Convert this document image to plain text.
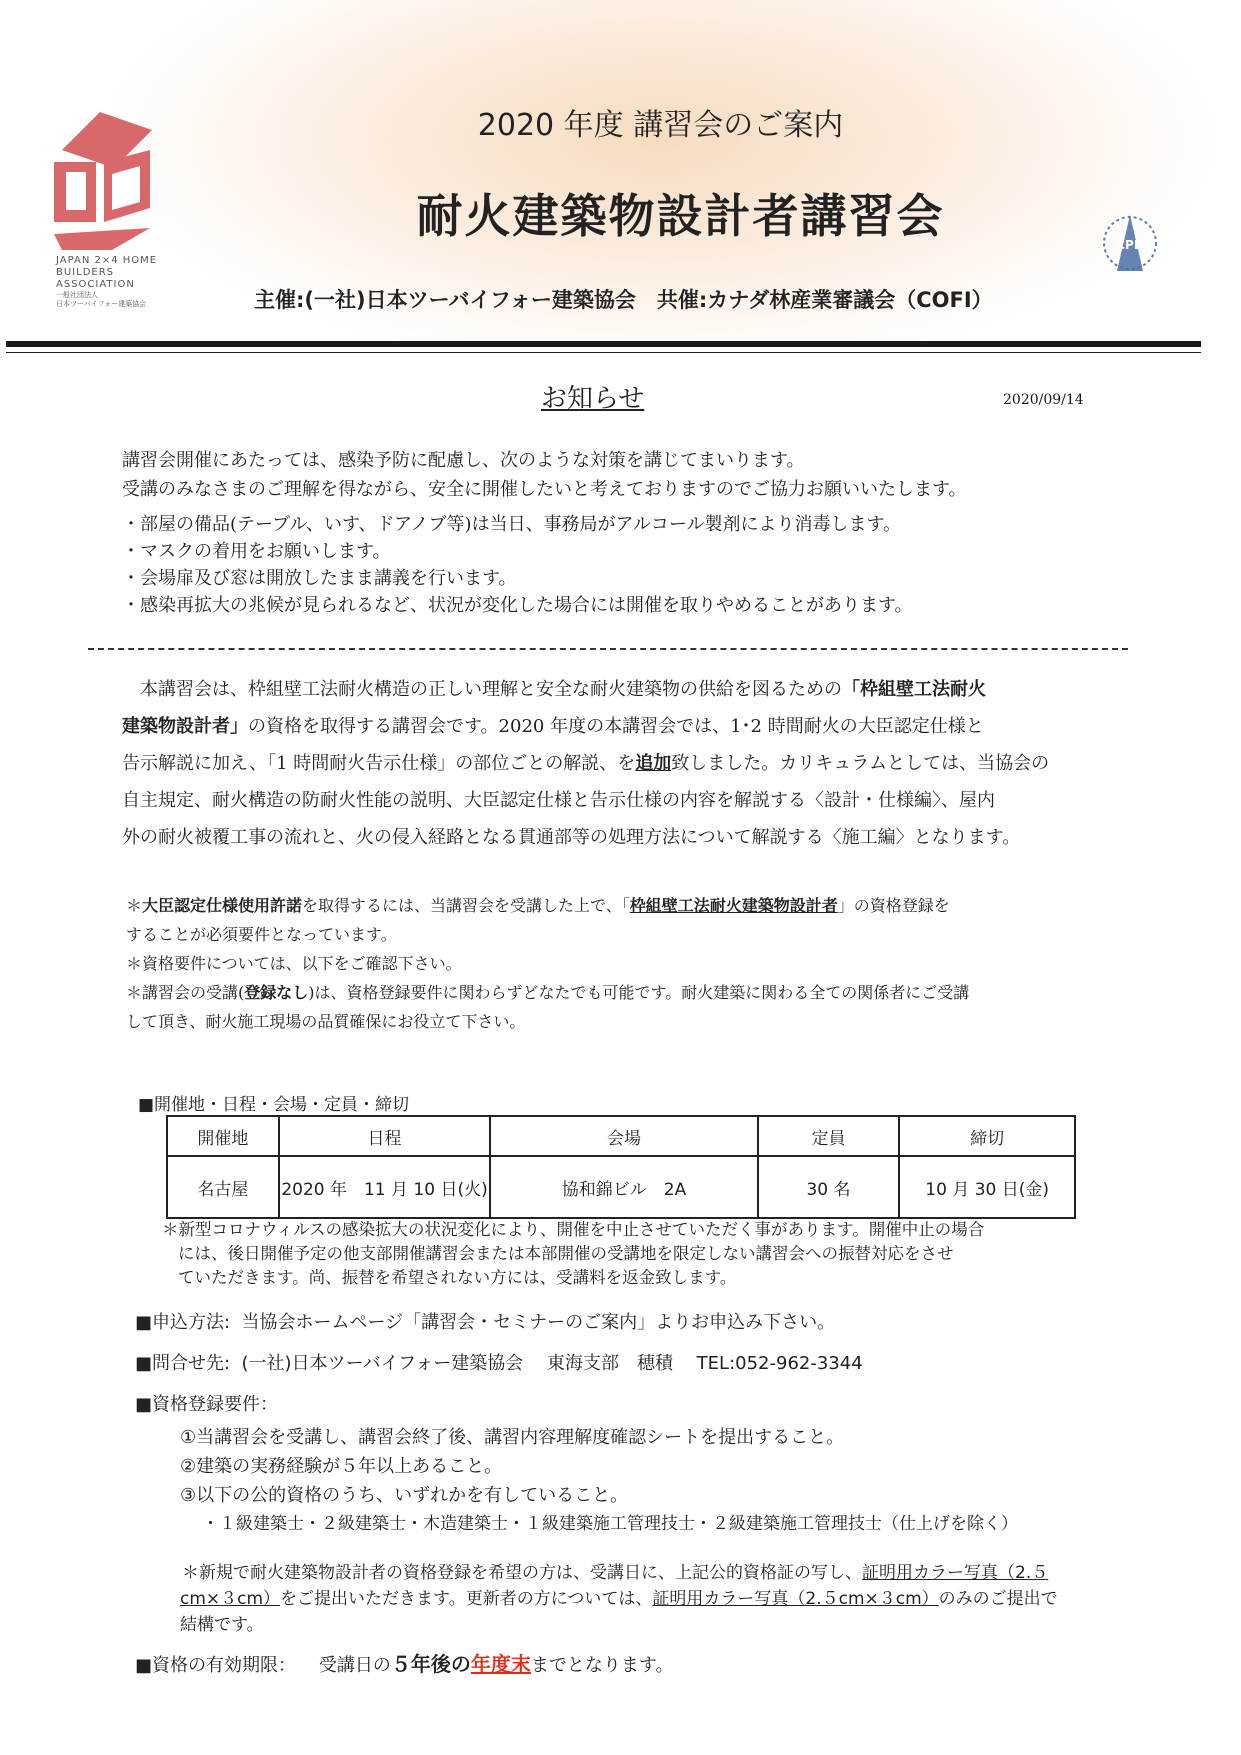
JAPAN 2×4 HOME
BUILDERS
ASSOCIATION
一般社団法人
日本ツーバイフォー建築協会
CPD
2020 年度 講習会のご案内
耐火建築物設計者講習会
主催:(一社)日本ツーバイフォー建築協会　共催:カナダ林産業審議会（COFI）
お知らせ	2020/09/14
講習会開催にあたっては、感染予防に配慮し、次のような対策を講じてまいります。
受講のみなさまのご理解を得ながら、安全に開催したいと考えておりますのでご協力お願いいたします。
・部屋の備品(テーブル、いす、ドアノブ等)は当日、事務局がアルコール製剤により消毒します。
・マスクの着用をお願いします。
・会場扉及び窓は開放したまま講義を行います。
・感染再拡大の兆候が見られるなど、状況が変化した場合には開催を取りやめることがあります。
本講習会は、枠組壁工法耐火構造の正しい理解と安全な耐火建築物の供給を図るための「枠組壁工法耐火
建築物設計者」の資格を取得する講習会です。2020 年度の本講習会では、1･2 時間耐火の大臣認定仕様と
告示解説に加え、「1 時間耐火告示仕様」の部位ごとの解説、を追加致しました。カリキュラムとしては、当協会の
自主規定、耐火構造の防耐火性能の説明、大臣認定仕様と告示仕様の内容を解説する〈設計・仕様編〉、屋内
外の耐火被覆工事の流れと、火の侵入経路となる貫通部等の処理方法について解説する〈施工編〉となります。
＊大臣認定仕様使用許諾を取得するには、当講習会を受講した上で、「枠組壁工法耐火建築物設計者」の資格登録を
することが必須要件となっています。
＊資格要件については、以下をご確認下さい。
＊講習会の受講(登録なし)は、資格登録要件に関わらずどなたでも可能です。耐火建築に関わる全ての関係者にご受講
して頂き、耐火施工現場の品質確保にお役立て下さい。
■開催地・日程・会場・定員・締切
開催地	日程	会場	定員	締切
名古屋	2020 年　11 月 10 日(火)	協和錦ビル　2A	30 名	10 月 30 日(金)
＊新型コロナウィルスの感染拡大の状況変化により、開催を中止させていただく事があります。開催中止の場合
には、後日開催予定の他支部開催講習会または本部開催の受講地を限定しない講習会への振替対応をさせ
ていただきます。尚、振替を希望されない方には、受講料を返金致します。
■申込方法: 当協会ホームページ「講習会・セミナーのご案内」よりお申込み下さい。
■問合せ先: (一社)日本ツーバイフォー建築協会　 東海支部　穂積　 TEL:052-962-3344
■資格登録要件：
①当講習会を受講し、講習会終了後、講習内容理解度確認シートを提出すること。
②建築の実務経験が５年以上あること。
③以下の公的資格のうち、いずれかを有していること。
・１級建築士・２級建築士・木造建築士・１級建築施工管理技士・２級建築施工管理技士（仕上げを除く）
＊新規で耐火建築物設計者の資格登録を希望の方は、受講日に、上記公的資格証の写し、証明用カラー写真（2.５
cm×３cm）をご提出いただきます。更新者の方については、証明用カラー写真（2.５cm×３cm）のみのご提出で
結構です。
■資格の有効期限： 受講日の５年後の年度末までとなります。
